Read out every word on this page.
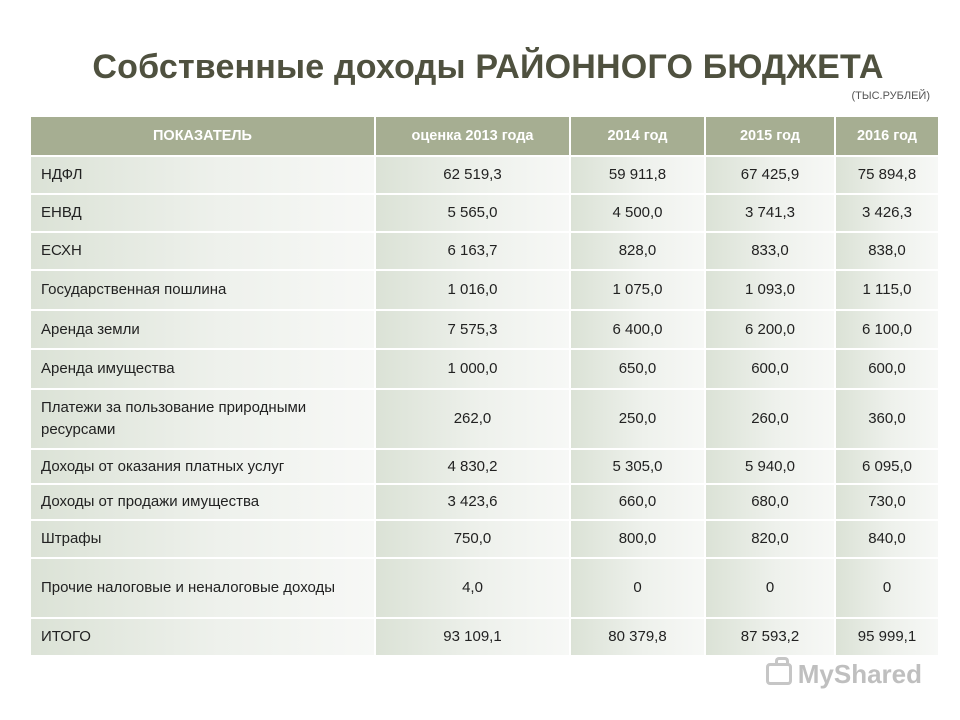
Собственные доходы РАЙОННОГО БЮДЖЕТА
(ТЫС.РУБЛЕЙ)
ПОКАЗАТЕЛЬ	оценка 2013 года	2014 год	2015 год	2016 год
НДФЛ	62 519,3	59 911,8	67 425,9	75 894,8
ЕНВД	5 565,0	4 500,0	3 741,3	3 426,3
ЕСХН	6 163,7	828,0	833,0	838,0
Государственная пошлина	1 016,0	1 075,0	1 093,0	1 115,0
Аренда земли	7 575,3	6 400,0	6 200,0	6 100,0
Аренда имущества	1 000,0	650,0	600,0	600,0
Платежи за пользование природными ресурсами	262,0	250,0	260,0	360,0
Доходы от оказания платных услуг	4 830,2	5 305,0	5 940,0	6 095,0
Доходы от продажи имущества	3 423,6	660,0	680,0	730,0
Штрафы	750,0	800,0	820,0	840,0
Прочие налоговые и неналоговые доходы	4,0	0	0	0
ИТОГО	93 109,1	80 379,8	87 593,2	95 999,1
MyShared
